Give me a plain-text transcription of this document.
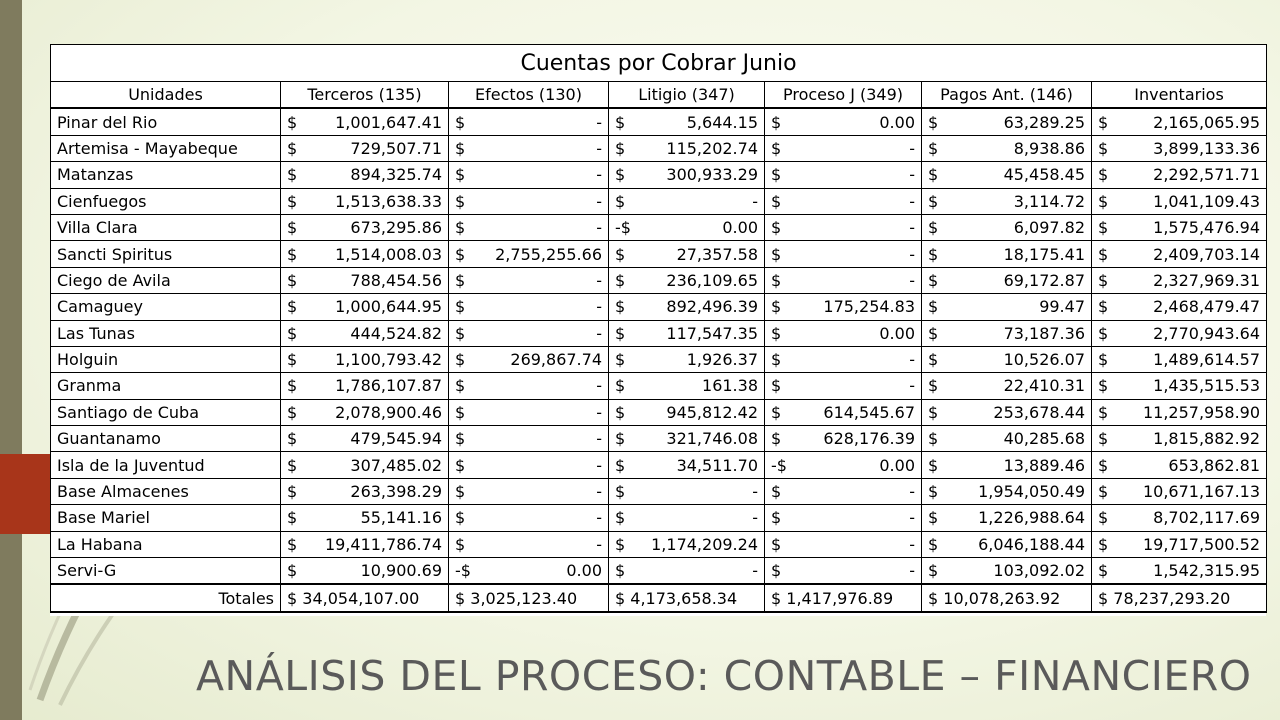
Cuentas por Cobrar Junio						
Unidades	Terceros (135)	Efectos (130)	Litigio (347)	Proceso J (349)	Pagos Ant. (146)	Inventarios
Pinar del Rio	$ 1,001,647.41	$ -	$ 5,644.15	$ 0.00	$ 63,289.25	$ 2,165,065.95

Artemisa - Mayabeque	$ 729,507.71	$ -	$ 115,202.74	$ -	$ 8,938.86	$ 3,899,133.36

Matanzas	$ 894,325.74	$ -	$ 300,933.29	$ -	$ 45,458.45	$ 2,292,571.71

Cienfuegos	$ 1,513,638.33	$ -	$ -	$ -	$ 3,114.72	$ 1,041,109.43

Villa Clara	$ 673,295.86	$ -	-$ 0.00	$ -	$ 6,097.82	$ 1,575,476.94

Sancti Spiritus	$ 1,514,008.03	$ 2,755,255.66	$ 27,357.58	$ -	$ 18,175.41	$ 2,409,703.14

Ciego de Avila	$ 788,454.56	$ -	$ 236,109.65	$ -	$ 69,172.87	$ 2,327,969.31

Camaguey	$ 1,000,644.95	$ -	$ 892,496.39	$ 175,254.83	$ 99.47	$ 2,468,479.47

Las Tunas	$ 444,524.82	$ -	$ 117,547.35	$ 0.00	$ 73,187.36	$ 2,770,943.64

Holguin	$ 1,100,793.42	$ 269,867.74	$ 1,926.37	$ -	$ 10,526.07	$ 1,489,614.57

Granma	$ 1,786,107.87	$ -	$ 161.38	$ -	$ 22,410.31	$ 1,435,515.53

Santiago de Cuba	$ 2,078,900.46	$ -	$ 945,812.42	$ 614,545.67	$ 253,678.44	$ 11,257,958.90

Guantanamo	$ 479,545.94	$ -	$ 321,746.08	$ 628,176.39	$ 40,285.68	$ 1,815,882.92

Isla de la Juventud	$ 307,485.02	$ -	$ 34,511.70	-$ 0.00	$ 13,889.46	$ 653,862.81

Base Almacenes	$ 263,398.29	$ -	$ -	$ -	$ 1,954,050.49	$ 10,671,167.13

Base Mariel	$ 55,141.16	$ -	$ -	$ -	$ 1,226,988.64	$ 8,702,117.69

La Habana	$ 19,411,786.74	$ -	$ 1,174,209.24	$ -	$ 6,046,188.44	$ 19,717,500.52

Servi-G	$ 10,900.69	-$ 0.00	$ -	$ -	$ 103,092.02	$ 1,542,315.95

Totales	$ 34,054,107.00	$ 3,025,123.40	$ 4,173,658.34	$ 1,417,976.89	$ 10,078,263.92	$ 78,237,293.20
ANÁLISIS DEL PROCESO: CONTABLE – FINANCIERO
